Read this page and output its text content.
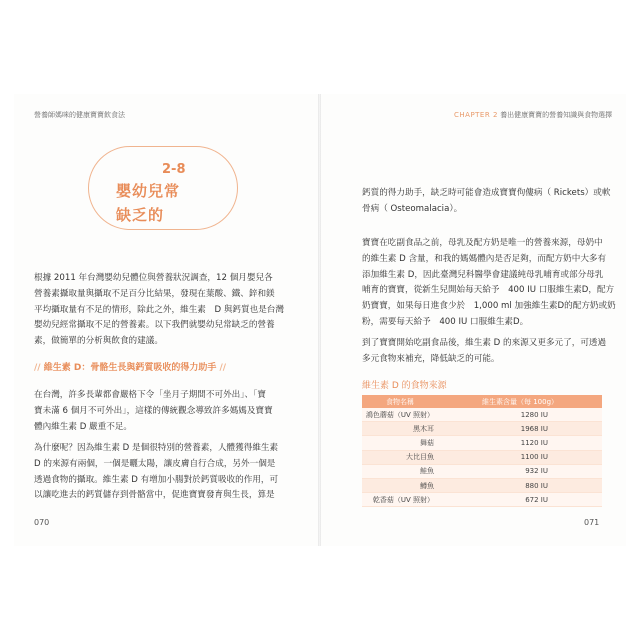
營養師媽咪的健康寶寶飲食法	CHAPTER 2 養出健康寶寶的營養知識與食物選擇
2-8
嬰幼兒常
缺乏的
根據 2011 年台灣嬰幼兒體位與營養狀況調查，12 個月嬰兒各
營養素攝取量與攝取不足百分比結果，發現在葉酸、鐵、鋅和鎂
平均攝取量有不足的情形，除此之外，維生素　D 與鈣質也是台灣
嬰幼兒經常攝取不足的營養素。以下我們就嬰幼兒常缺乏的營養
素，做簡單的分析與飲食的建議。
// 維生素 D：骨骼生長與鈣質吸收的得力助手 //
在台灣，許多長輩都會嚴格下令「坐月子期間不可外出」、「寶
寶未滿 6 個月不可外出」，這樣的傳統觀念導致許多媽媽及寶寶
體內維生素 D 嚴重不足。
為什麼呢？因為維生素 D 是個很特別的營養素，人體獲得維生素
D 的來源有兩個，一個是曬太陽，讓皮膚自行合成，另外一個是
透過食物的攝取。維生素 D 有增加小腸對於鈣質吸收的作用，可
以讓吃進去的鈣質儲存到骨骼當中，促進寶寶發育與生長，算是
070
鈣質的得力助手，缺乏時可能會造成寶寶佝僂病（ Rickets）或軟
骨病（ Osteomalacia）。
寶寶在吃副食品之前，母乳及配方奶是唯一的營養來源，母奶中
的維生素 D 含量，和我的媽媽體內是否足夠，而配方奶中大多有
添加維生素 D，因此臺灣兒科醫學會建議純母乳哺育或部分母乳
哺育的寶寶，從新生兒開始每天給予　400 IU 口服維生素D，配方
奶寶寶，如果每日進食少於　1,000 ml 加強維生素D的配方奶或奶
粉，需要每天給予　400 IU 口服維生素D。
到了寶寶開始吃副食品後，維生素 D 的來源又更多元了，可透過
多元食物來補充，降低缺乏的可能。
維生素 D 的食物來源
食物名稱	維生素含量（每 100g）
鴻色蘑菇（UV 照射）	1280 IU
黑木耳	1968 IU
舞菇	1120 IU
大比目魚	1100 IU
鮭魚	932 IU
鱒魚	880 IU
乾香菇（UV 照射）	672 IU
071
